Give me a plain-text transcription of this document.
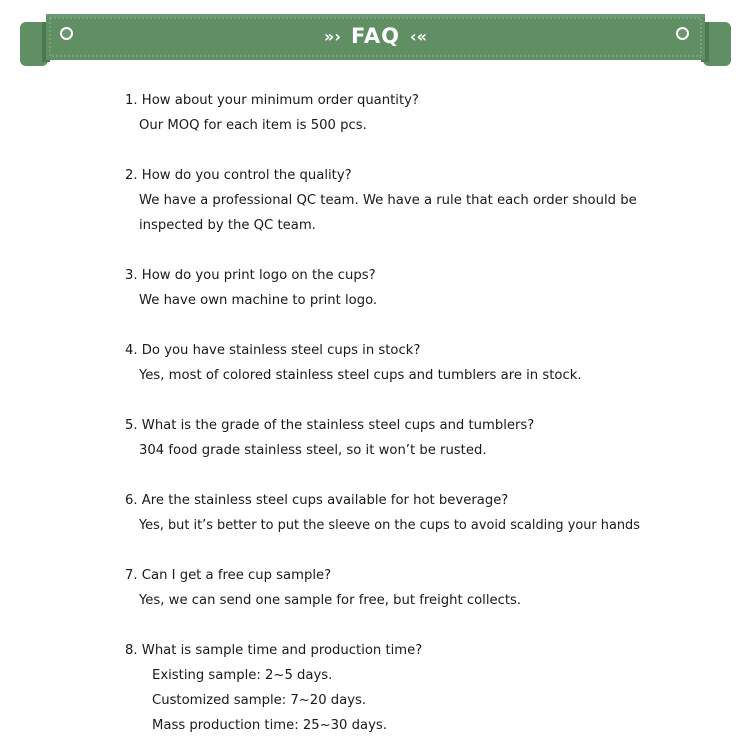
»› FAQ ‹«
1. How about your minimum order quantity?
Our MOQ for each item is 500 pcs.
2. How do you control the quality?
We have a professional QC team. We have a rule that each order should be inspected by the QC team.
3. How do you print logo on the cups?
We have own machine to print logo.
4. Do you have stainless steel cups in stock?
Yes, most of colored stainless steel cups and tumblers are in stock.
5. What is the grade of the stainless steel cups and tumblers?
304 food grade stainless steel, so it won’t be rusted.
6. Are the stainless steel cups available for hot beverage?
Yes, but it’s better to put the sleeve on the cups to avoid scalding your hands
7. Can I get a free cup sample?
Yes, we can send one sample for free, but freight collects.
8. What is sample time and production time?
Existing sample: 2~5 days.
Customized sample: 7~20 days.
Mass production time: 25~30 days.
